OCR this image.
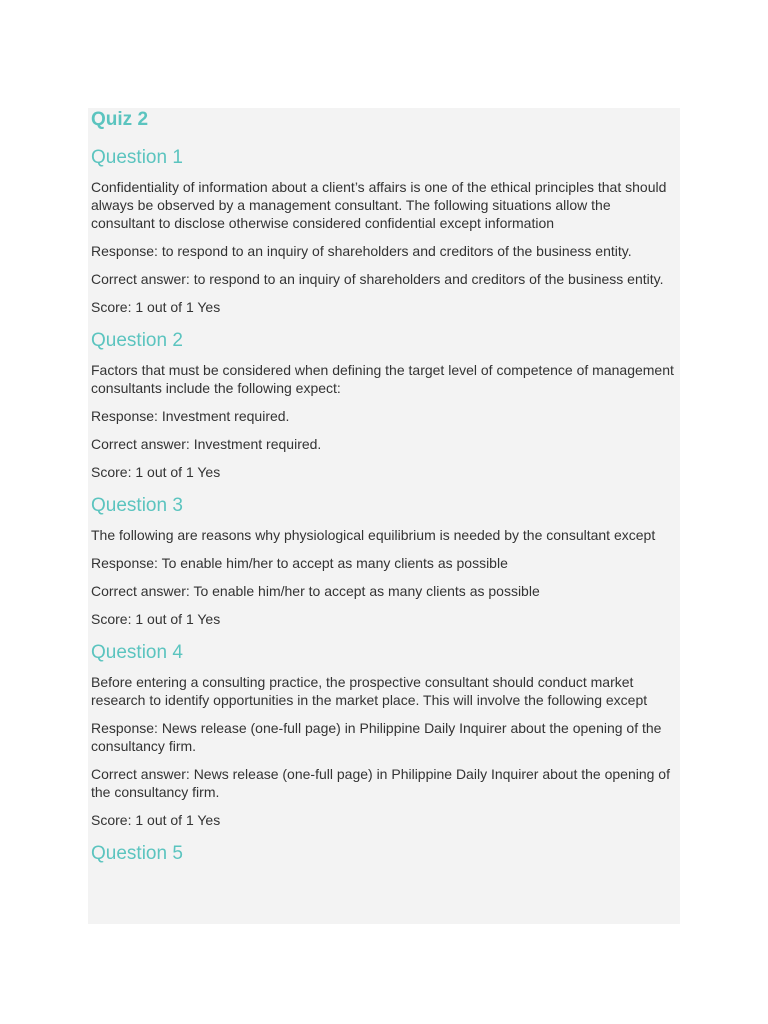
Quiz 2
Question 1

Confidentiality of information about a client’s affairs is one of the ethical principles that should always be observed by a management consultant. The following situations allow the consultant to disclose otherwise considered confidential except information

Response: to respond to an inquiry of shareholders and creditors of the business entity.

Correct answer: to respond to an inquiry of shareholders and creditors of the business entity.

Score: 1 out of 1 Yes

Question 2

Factors that must be considered when defining the target level of competence of management consultants include the following expect:

Response: Investment required.

Correct answer: Investment required.

Score: 1 out of 1 Yes

Question 3

The following are reasons why physiological equilibrium is needed by the consultant except

Response: To enable him/her to accept as many clients as possible

Correct answer: To enable him/her to accept as many clients as possible

Score: 1 out of 1 Yes

Question 4

Before entering a consulting practice, the prospective consultant should conduct market research to identify opportunities in the market place. This will involve the following except

Response: News release (one-full page) in Philippine Daily Inquirer about the opening of the consultancy firm.

Correct answer: News release (one-full page) in Philippine Daily Inquirer about the opening of the consultancy firm.

Score: 1 out of 1 Yes

Question 5
